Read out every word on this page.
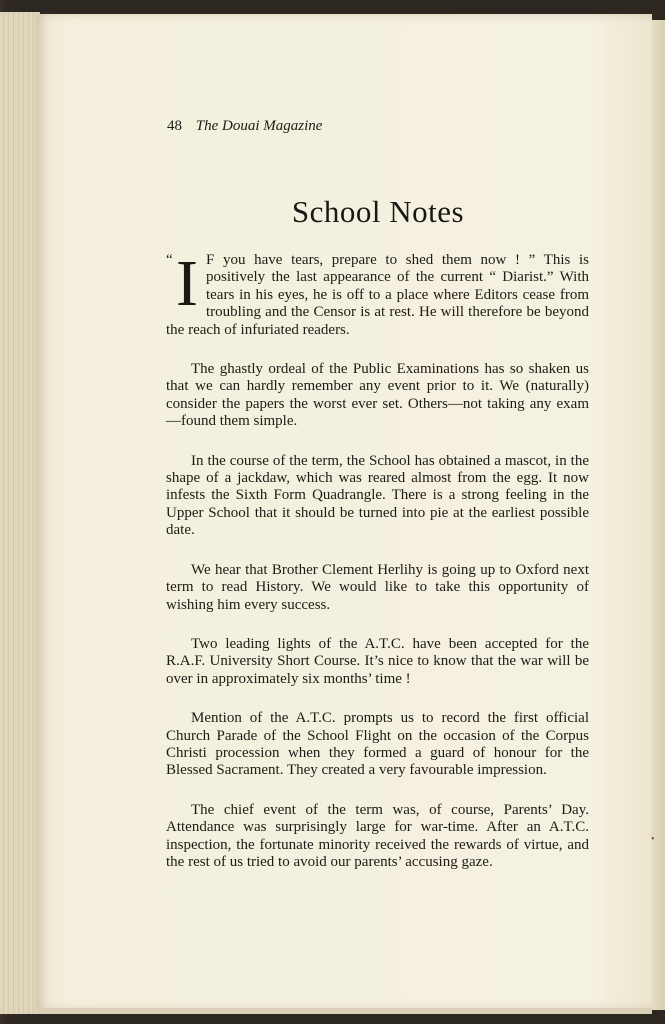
48 The Douai Magazine
School Notes
“ I F you have tears, prepare to shed them now ! ” This is positively the last appearance of the current “ Diarist.” With tears in his eyes, he is off to a place where Editors cease from troubling and the Censor is at rest. He will therefore be beyond the reach of infuriated readers.

The ghastly ordeal of the Public Examinations has so shaken us that we can hardly remember any event prior to it. We (naturally) consider the papers the worst ever set. Others—not taking any exam—found them simple.

In the course of the term, the School has obtained a mascot, in the shape of a jackdaw, which was reared almost from the egg. It now infests the Sixth Form Quadrangle. There is a strong feeling in the Upper School that it should be turned into pie at the earliest possible date.

We hear that Brother Clement Herlihy is going up to Oxford next term to read History. We would like to take this opportunity of wishing him every success.

Two leading lights of the A.T.C. have been accepted for the R.A.F. University Short Course. It’s nice to know that the war will be over in approximately six months’ time !

Mention of the A.T.C. prompts us to record the first official Church Parade of the School Flight on the occasion of the Corpus Christi procession when they formed a guard of honour for the Blessed Sacrament. They created a very favourable impression.

The chief event of the term was, of course, Parents’ Day. Attendance was surprisingly large for war-time. After an A.T.C. inspection, the fortunate minority received the rewards of virtue, and the rest of us tried to avoid our parents’ accusing gaze.

•
